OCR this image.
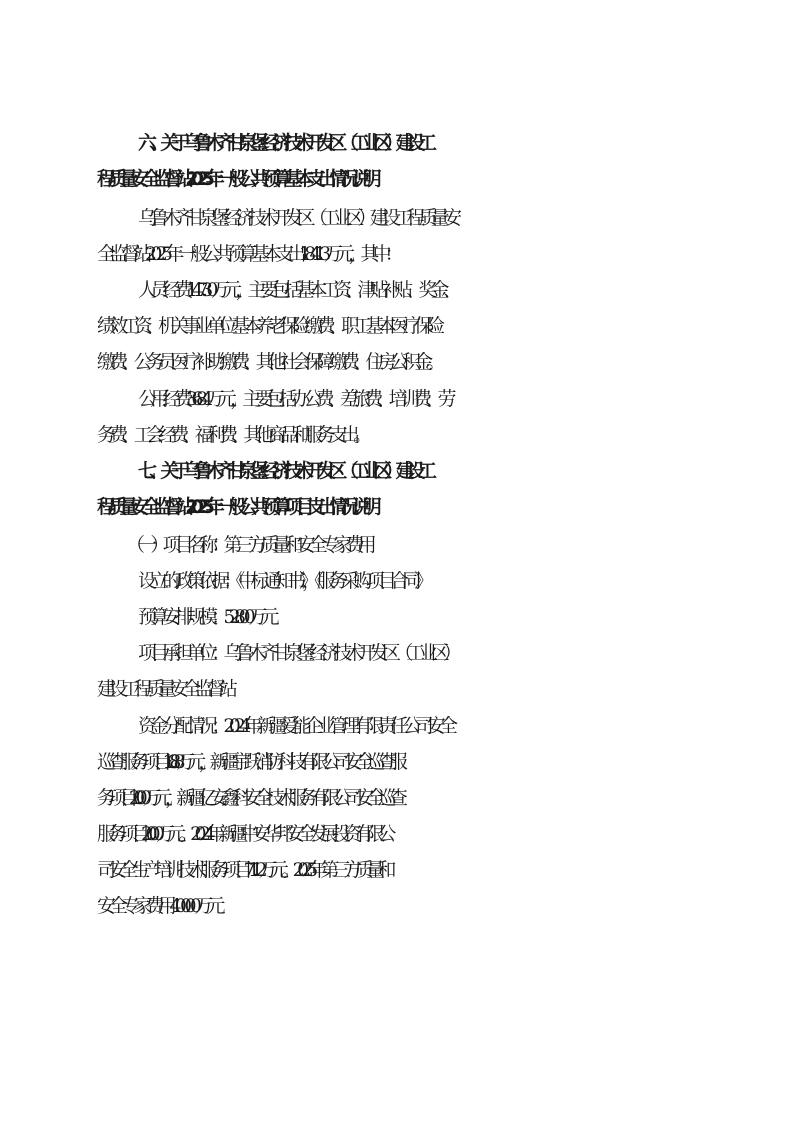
六、关于乌鲁木齐甘泉堡经济技术开发区（工业区）建设工
程质量安全监督站 2025 年一般公共预算基本支出情况说明
乌鲁木齐甘泉堡经济技术开发区（工业区）建设工程质量安
全监督站 2025 年一般公共预算基本支出 184.13 万元，其中：
人员经费 147.30 万元，主要包括基本工资、津贴补贴、奖金、
绩效工资、机关事业单位基本养老保险缴费、职工基本医疗保险
缴费、公务员医疗补助缴费、其他社会保障缴费、住房公积金。
公用经费 36.84 万元，主要包括办公费、差旅费、培训费、劳
务费、工会经费、福利费、其他商品和服务支出。
七、关于乌鲁木齐甘泉堡经济技术开发区（工业区）建设工
程质量安全监督站 2025 年一般公共预算项目支出情况说明
（一）项目名称：第三方质量和安全专家费用
设立的政策依据：《中标通知书》，《服务采购项目合同》
预算安排规模：528.00 万元
项目承担单位：乌鲁木齐甘泉堡经济技术开发区（工业区）
建设工程质量安全监督站
资金分配情况：2024 年新疆爱能企业管理有限责任公司安全
巡查服务项目 16.88 万元，新疆宇跃消防科技有限公司安全巡查服
务项目 20.00 万元，新疆亿安鑫科安全技术服务有限公司安全巡查
服务项目 20.00 万元。2024 年新疆中安华邦安全发展投资有限公
司安全生产培训技术服务项目 71.12 万元。2025 年第三方质量和
安全专家费用 400.00 万元
